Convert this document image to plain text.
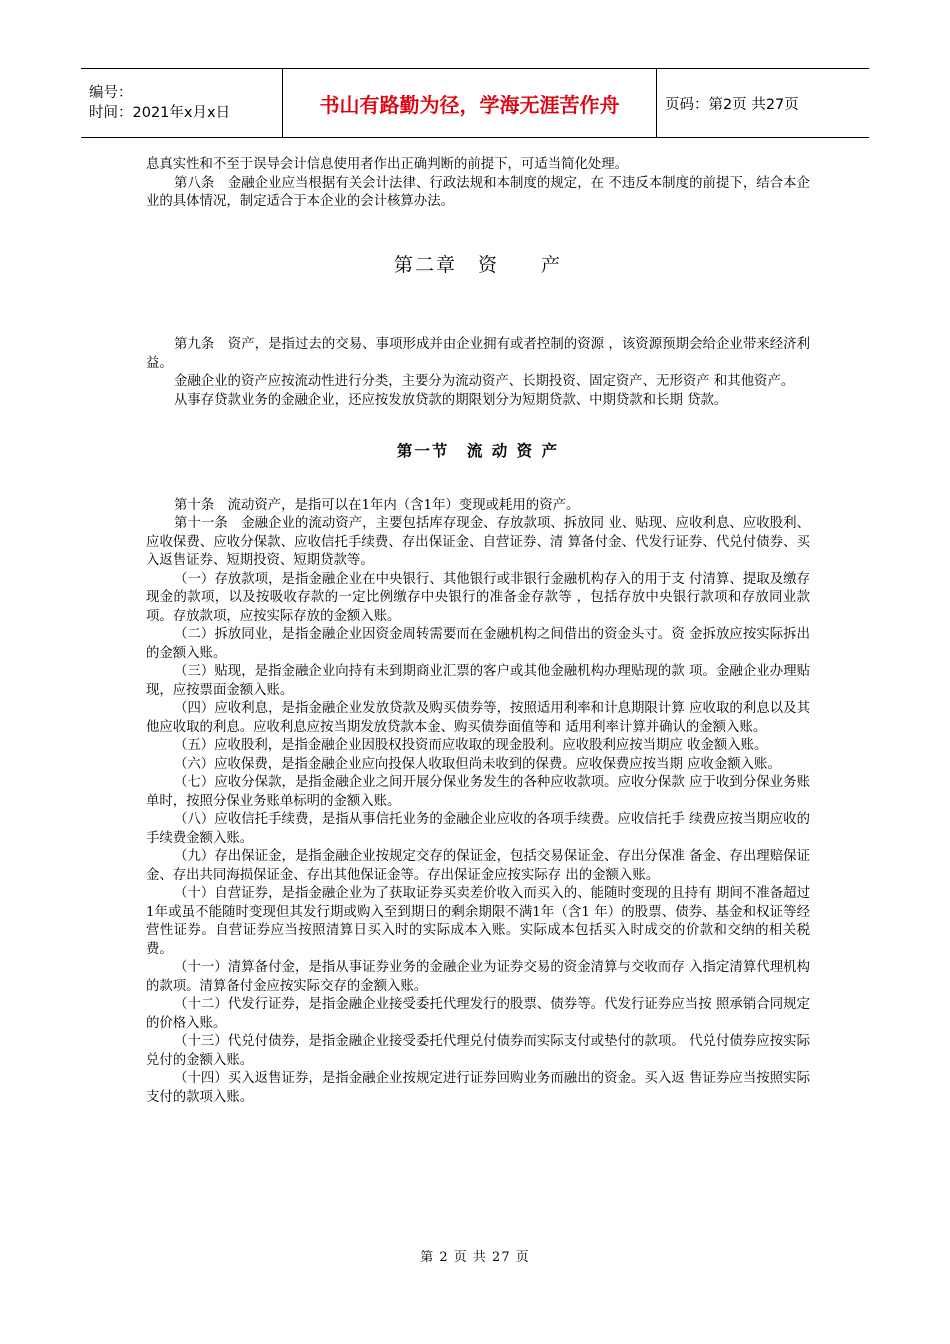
编号：
时间：2021年x月x日	书山有路勤为径，学海无涯苦作舟	页码：第2页 共27页

息真实性和不至于误导会计信息使用者作出正确判断的前提下，可适当简化处理。

第八条　金融企业应当根据有关会计法律、行政法规和本制度的规定，在 不违反本制度的前提下，结合本企业的具体情况，制定适合于本企业的会计核算办法。

第二章　资　　产

第九条　资产，是指过去的交易、事项形成并由企业拥有或者控制的资源 ，该资源预期会给企业带来经济利益。

金融企业的资产应按流动性进行分类，主要分为流动资产、长期投资、固定资产、无形资产 和其他资产。

从事存贷款业务的金融企业，还应按发放贷款的期限划分为短期贷款、中期贷款和长期 贷款。

第一节　流 动 资 产

第十条　流动资产，是指可以在1年内（含1年）变现或耗用的资产。

第十一条　金融企业的流动资产，主要包括库存现金、存放款项、拆放同 业、贴现、应收利息、应收股利、应收保费、应收分保款、应收信托手续费、存出保证金、自营证券、清 算备付金、代发行证券、代兑付债券、买入返售证券、短期投资、短期贷款等。

（一）存放款项，是指金融企业在中央银行、其他银行或非银行金融机构存入的用于支 付清算、提取及缴存现金的款项，以及按吸收存款的一定比例缴存中央银行的准备金存款等 ，包括存放中央银行款项和存放同业款项。存放款项，应按实际存放的金额入账。

（二）拆放同业，是指金融企业因资金周转需要而在金融机构之间借出的资金头寸。资 金拆放应按实际拆出的金额入账。

（三）贴现，是指金融企业向持有未到期商业汇票的客户或其他金融机构办理贴现的款 项。金融企业办理贴现，应按票面金额入账。

（四）应收利息，是指金融企业发放贷款及购买债券等，按照适用利率和计息期限计算 应收取的利息以及其他应收取的利息。应收利息应按当期发放贷款本金、购买债券面值等和 适用利率计算并确认的金额入账。

（五）应收股利，是指金融企业因股权投资而应收取的现金股利。应收股利应按当期应 收金额入账。

（六）应收保费，是指金融企业应向投保人收取但尚未收到的保费。应收保费应按当期 应收金额入账。

（七）应收分保款，是指金融企业之间开展分保业务发生的各种应收款项。应收分保款 应于收到分保业务账单时，按照分保业务账单标明的金额入账。

（八）应收信托手续费，是指从事信托业务的金融企业应收的各项手续费。应收信托手 续费应按当期应收的手续费金额入账。

（九）存出保证金，是指金融企业按规定交存的保证金，包括交易保证金、存出分保准 备金、存出理赔保证金、存出共同海损保证金、存出其他保证金等。存出保证金应按实际存 出的金额入账。

（十）自营证券，是指金融企业为了获取证券买卖差价收入而买入的、能随时变现的且持有 期间不准备超过1年或虽不能随时变现但其发行期或购入至到期日的剩余期限不满1年（含1 年）的股票、债券、基金和权证等经营性证券。自营证券应当按照清算日买入时的实际成本入账。实际成本包括买入时成交的价款和交纳的相关税费。

（十一）清算备付金，是指从事证券业务的金融企业为证券交易的资金清算与交收而存 入指定清算代理机构的款项。清算备付金应按实际交存的金额入账。

（十二）代发行证券，是指金融企业接受委托代理发行的股票、债券等。代发行证券应当按 照承销合同规定的价格入账。

（十三）代兑付债券，是指金融企业接受委托代理兑付债券而实际支付或垫付的款项。 代兑付债券应按实际兑付的金额入账。

（十四）买入返售证券，是指金融企业按规定进行证券回购业务而融出的资金。买入返 售证券应当按照实际支付的款项入账。

第 2 页 共 27 页
